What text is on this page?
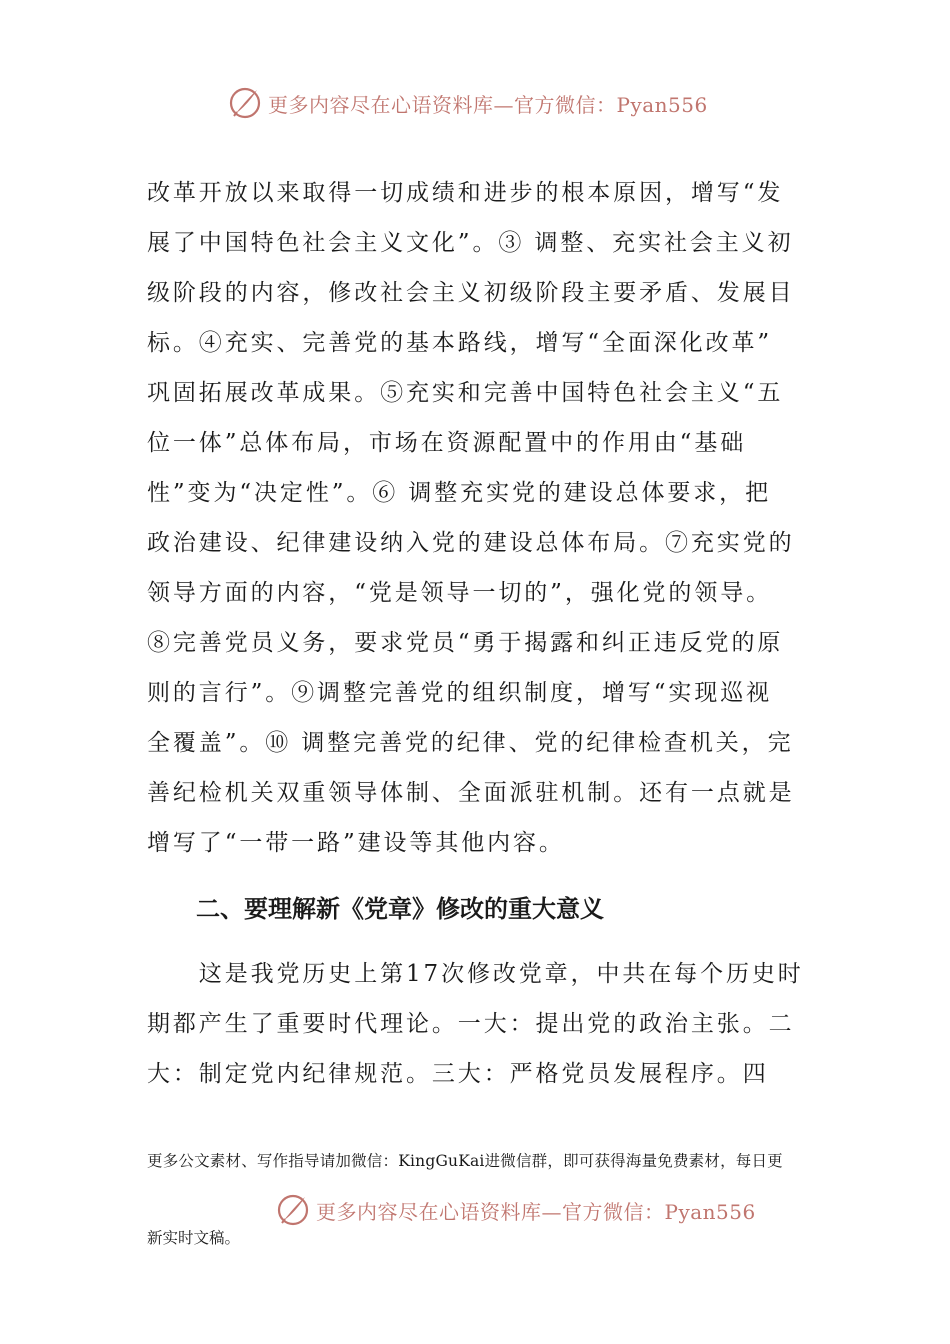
更多内容尽在心语资料库—官方微信：Pyan556
改革开放以来取得一切成绩和进步的根本原因，增写“发
展了中国特色社会主义文化”。③ 调整、充实社会主义初
级阶段的内容，修改社会主义初级阶段主要矛盾、发展目
标。④充实、完善党的基本路线，增写“全面深化改革”
巩固拓展改革成果。⑤充实和完善中国特色社会主义“五
位一体”总体布局，市场在资源配置中的作用由“基础
性”变为“决定性”。⑥ 调整充实党的建设总体要求，把
政治建设、纪律建设纳入党的建设总体布局。⑦充实党的
领导方面的内容，“党是领导一切的”，强化党的领导。
⑧完善党员义务，要求党员“勇于揭露和纠正违反党的原
则的言行”。⑨调整完善党的组织制度，增写“实现巡视
全覆盖”。⑩ 调整完善党的纪律、党的纪律检查机关，完
善纪检机关双重领导体制、全面派驻机制。还有一点就是
增写了“一带一路”建设等其他内容。
二、要理解新《党章》修改的重大意义
　　这是我党历史上第17次修改党章，中共在每个历史时
期都产生了重要时代理论。一大：提出党的政治主张。二
大：制定党内纪律规范。三大：严格党员发展程序。四
更多公文素材、写作指导请加微信：KingGuKai进微信群，即可获得海量免费素材，每日更
更多内容尽在心语资料库—官方微信：Pyan556
新实时文稿。
